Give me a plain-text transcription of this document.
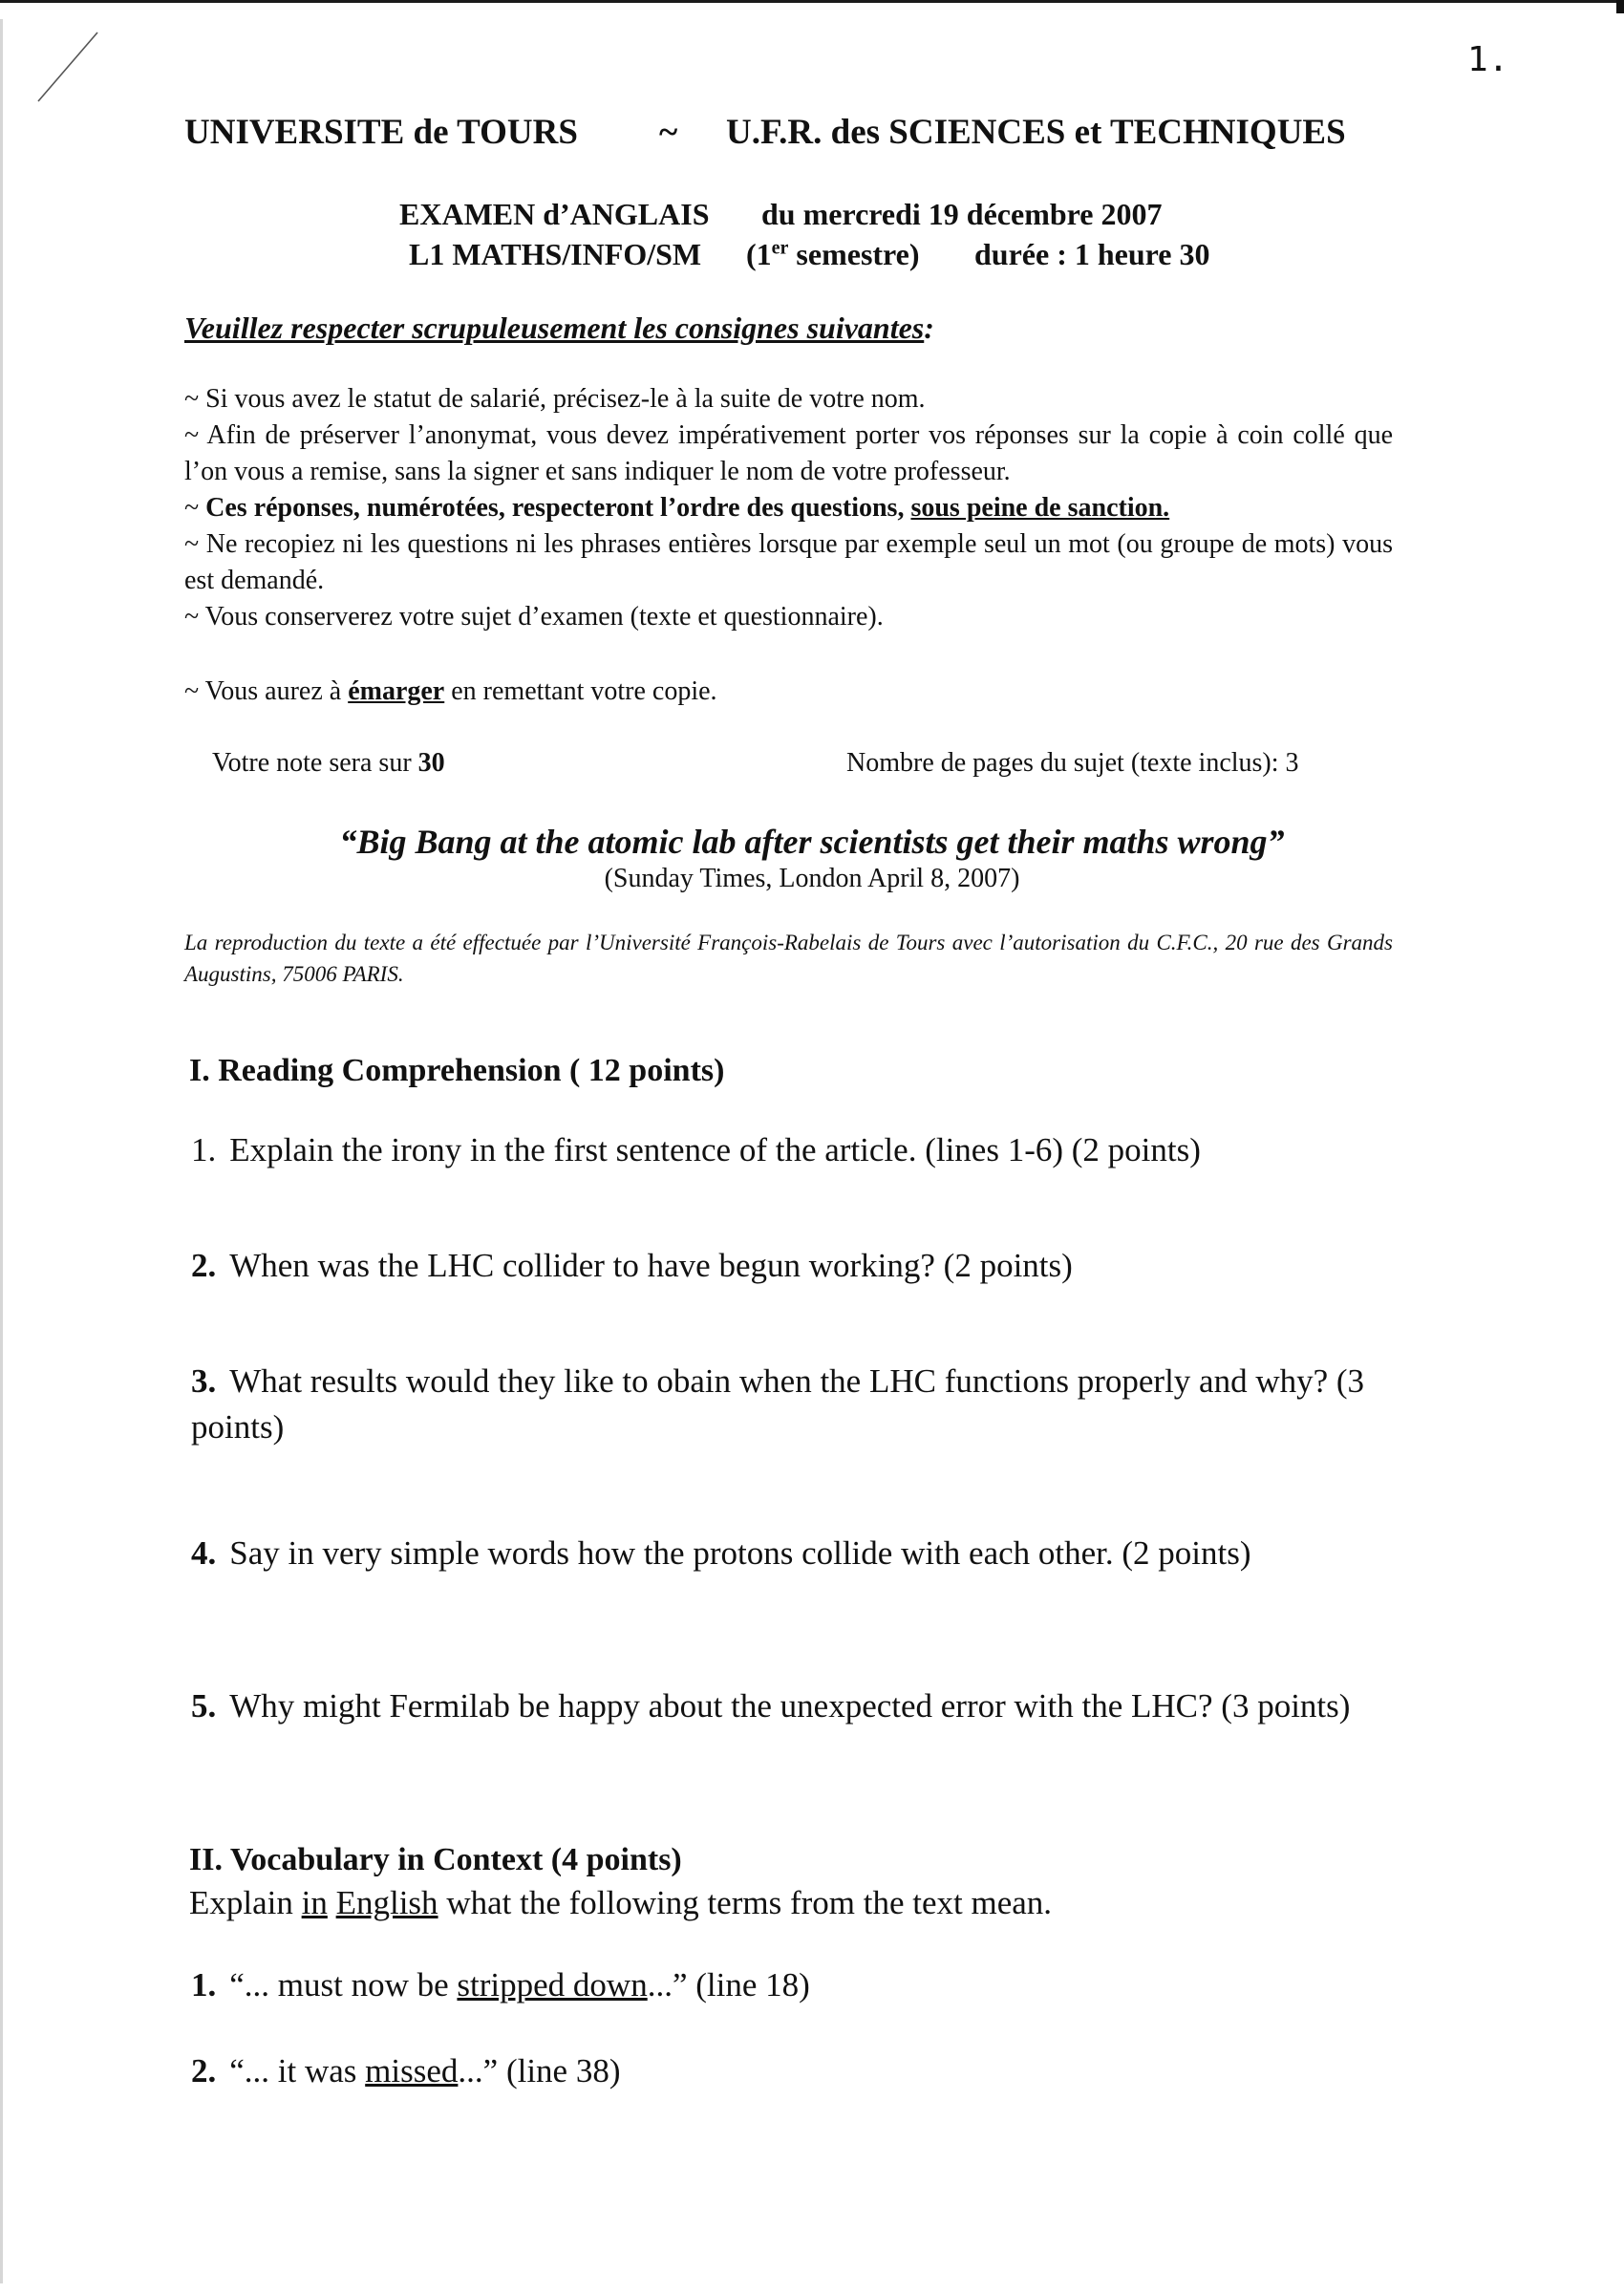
1.
UNIVERSITE de TOURS ~ U.F.R. des SCIENCES et TECHNIQUES
EXAMEN d’ANGLAIS du mercredi 19 décembre 2007
L1 MATHS/INFO/SM (1er semestre) durée : 1 heure 30
Veuillez respecter scrupuleusement les consignes suivantes:

~ Si vous avez le statut de salarié, précisez-le à la suite de votre nom.

~ Afin de préserver l’anonymat, vous devez impérativement porter vos réponses sur la copie à coin collé que l’on vous a remise, sans la signer et sans indiquer le nom de votre professeur.

~ Ces réponses, numérotées, respecteront l’ordre des questions, sous peine de sanction.

~ Ne recopiez ni les questions ni les phrases entières lorsque par exemple seul un mot (ou groupe de mots) vous est demandé.

~ Vous conserverez votre sujet d’examen (texte et questionnaire).

~ Vous aurez à émarger en remettant votre copie.
Votre note sera sur 30	Nombre de pages du sujet (texte inclus): 3
“Big Bang at the atomic lab after scientists get their maths wrong”
(Sunday Times, London April 8, 2007)
La reproduction du texte a été effectuée par l’Université François-Rabelais de Tours avec l’autorisation du C.F.C., 20 rue des Grands Augustins, 75006 PARIS.
I. Reading Comprehension ( 12 points)
1. Explain the irony in the first sentence of the article. (lines 1-6) (2 points)
2. When was the LHC collider to have begun working? (2 points)
3. What results would they like to obain when the LHC functions properly and why? (3 points)
4. Say in very simple words how the protons collide with each other. (2 points)
5. Why might Fermilab be happy about the unexpected error with the LHC? (3 points)
II. Vocabulary in Context (4 points)
Explain in English what the following terms from the text mean.
1. “... must now be stripped down...” (line 18)
2. “... it was missed...” (line 38)
